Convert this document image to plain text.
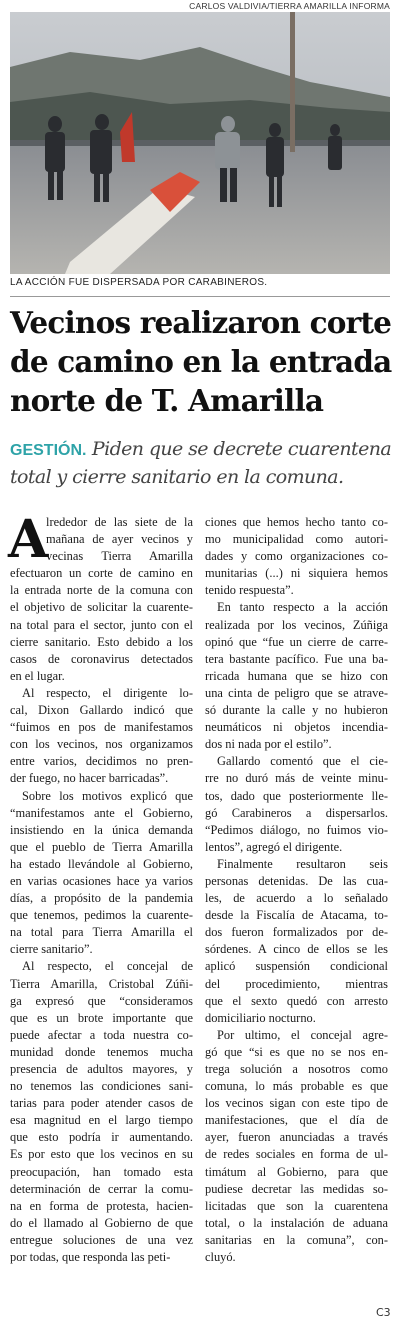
CARLOS VALDIVIA/TIERRA AMARILLA INFORMA
LA ACCIÓN FUE DISPERSADA POR CARABINEROS.
Vecinos realizaron corte
de camino en la entrada
norte de T. Amarilla
GESTIÓN. Piden que se decrete cuarentena
total y cierre sanitario en la comuna.
A
lrededor de las siete de la
mañana de ayer vecinos y
vecinas Tierra Amarilla
efectuaron un corte de camino en
la entrada norte de la comuna con
el objetivo de solicitar la cuarente-
na total para el sector, junto con el
cierre sanitario. Esto debido a los
casos de coronavirus detectados
en el lugar.
Al respecto, el dirigente lo-
cal, Dixon Gallardo indicó que
“fuimos en pos de manifestamos
con los vecinos, nos organizamos
entre varios, decidimos no pren-
der fuego, no hacer barricadas”.
Sobre los motivos explicó que
“manifestamos ante el Gobierno,
insistiendo en la única demanda
que el pueblo de Tierra Amarilla
ha estado llevándole al Gobierno,
en varias ocasiones hace ya varios
días, a propósito de la pandemia
que tenemos, pedimos la cuarente-
na total para Tierra Amarilla el
cierre sanitario”.
Al respecto, el concejal de
Tierra Amarilla, Cristobal Zúñi-
ga expresó que “consideramos
que es un brote importante que
puede afectar a toda nuestra co-
munidad donde tenemos mucha
presencia de adultos mayores, y
no tenemos las condiciones sani-
tarias para poder atender casos de
esa magnitud en el largo tiempo
que esto podría ir aumentando.
Es por esto que los vecinos en su
preocupación, han tomado esta
determinación de cerrar la comu-
na en forma de protesta, hacien-
do el llamado al Gobierno de que
entregue soluciones de una vez
por todas, que responda las peti-
ciones que hemos hecho tanto co-
mo municipalidad como autori-
dades y como organizaciones co-
munitarias (...) ni siquiera hemos
tenido respuesta”.
En tanto respecto a la acción
realizada por los vecinos, Zúñiga
opinó que “fue un cierre de carre-
tera bastante pacífico. Fue una ba-
rricada humana que se hizo con
una cinta de peligro que se atrave-
só durante la calle y no hubieron
neumáticos ni objetos incendia-
dos ni nada por el estilo”.
Gallardo comentó que el cie-
rre no duró más de veinte minu-
tos, dado que posteriormente lle-
gó Carabineros a dispersarlos.
“Pedimos diálogo, no fuimos vio-
lentos”, agregó el dirigente.
Finalmente resultaron seis
personas detenidas. De las cua-
les, de acuerdo a lo señalado
desde la Fiscalía de Atacama, to-
dos fueron formalizados por de-
sórdenes. A cinco de ellos se les
aplicó suspensión condicional
del procedimiento, mientras
que el sexto quedó con arresto
domiciliario nocturno.
Por ultimo, el concejal agre-
gó que “si es que no se nos en-
trega solución a nosotros como
comuna, lo más probable es que
los vecinos sigan con este tipo de
manifestaciones, que el día de
ayer, fueron anunciadas a través
de redes sociales en forma de ul-
timátum al Gobierno, para que
pudiese decretar las medidas so-
licitadas que son la cuarentena
total, o la instalación de aduana
sanitarias en la comuna”, con-
cluyó.
C3
